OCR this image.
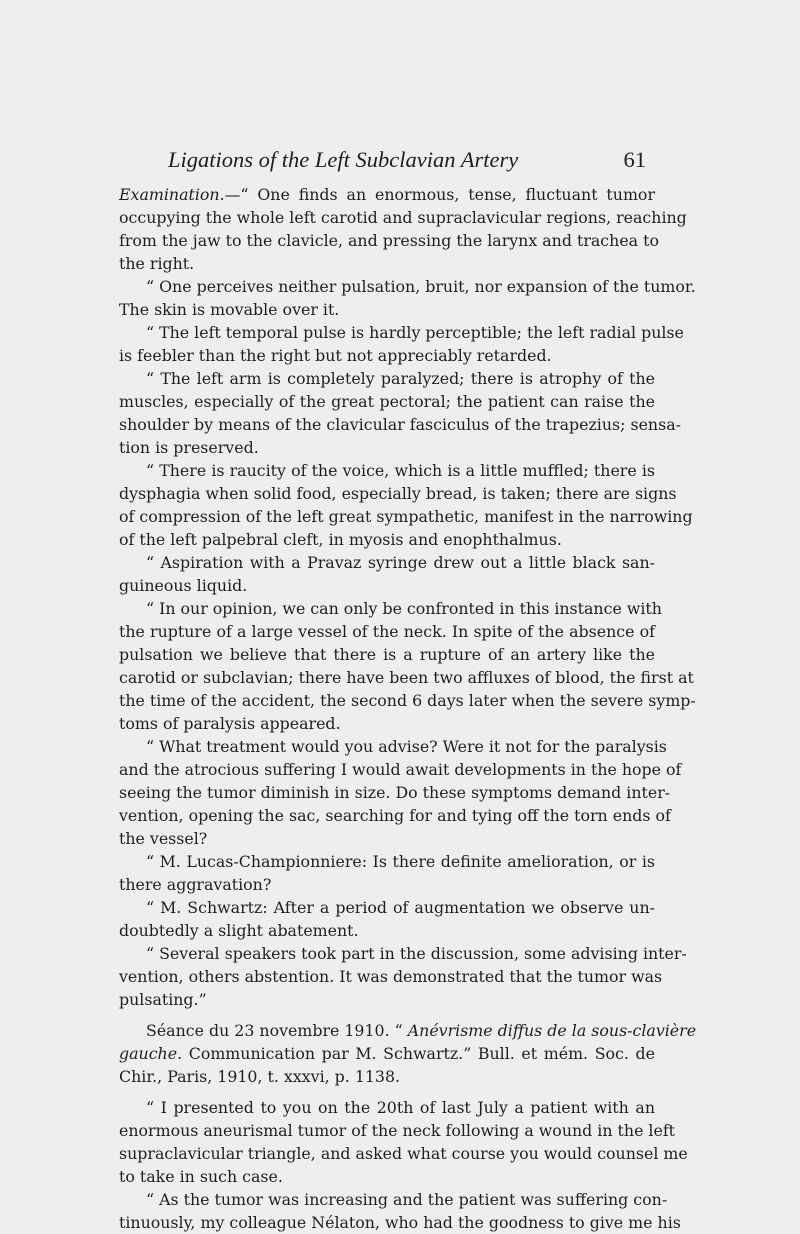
Ligations of the Left Subclavian Artery	61
Examination.—“ One finds an enormous, tense, fluctuant tumor
occupying the whole left carotid and supraclavicular regions, reaching
from the jaw to the clavicle, and pressing the larynx and trachea to
the right.
“ One perceives neither pulsation, bruit, nor expansion of the tumor.
The skin is movable over it.
“ The left temporal pulse is hardly perceptible; the left radial pulse
is feebler than the right but not appreciably retarded.
“ The left arm is completely paralyzed; there is atrophy of the
muscles, especially of the great pectoral; the patient can raise the
shoulder by means of the clavicular fasciculus of the trapezius; sensa-
tion is preserved.
“ There is raucity of the voice, which is a little muffled; there is
dysphagia when solid food, especially bread, is taken; there are signs
of compression of the left great sympathetic, manifest in the narrowing
of the left palpebral cleft, in myosis and enophthalmus.
“ Aspiration with a Pravaz syringe drew out a little black san-
guineous liquid.
“ In our opinion, we can only be confronted in this instance with
the rupture of a large vessel of the neck. In spite of the absence of
pulsation we believe that there is a rupture of an artery like the
carotid or subclavian; there have been two affluxes of blood, the first at
the time of the accident, the second 6 days later when the severe symp-
toms of paralysis appeared.
“ What treatment would you advise? Were it not for the paralysis
and the atrocious suffering I would await developments in the hope of
seeing the tumor diminish in size. Do these symptoms demand inter-
vention, opening the sac, searching for and tying off the torn ends of
the vessel?
“ M. Lucas-Championniere: Is there definite amelioration, or is
there aggravation?
“ M. Schwartz: After a period of augmentation we observe un-
doubtedly a slight abatement.
“ Several speakers took part in the discussion, some advising inter-
vention, others abstention. It was demonstrated that the tumor was
pulsating.”
Séance du 23 novembre 1910. “ Anévrisme diffus de la sous-clavière
gauche. Communication par M. Schwartz.” Bull. et mém. Soc. de
Chir., Paris, 1910, t. xxxvi, p. 1138.
“ I presented to you on the 20th of last July a patient with an
enormous aneurismal tumor of the neck following a wound in the left
supraclavicular triangle, and asked what course you would counsel me
to take in such case.
“ As the tumor was increasing and the patient was suffering con-
tinuously, my colleague Nélaton, who had the goodness to give me his
